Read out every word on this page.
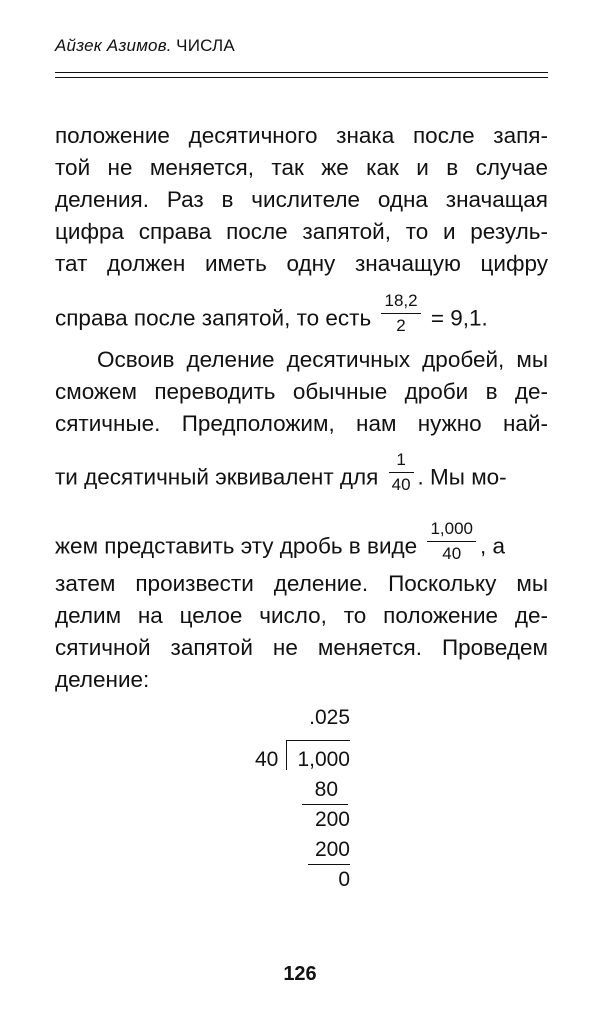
Айзек Азимов. ЧИСЛА
положение десятичного знака после запя-
той не меняется, так же как и в случае
деления. Раз в числителе одна значащая
цифра справа после запятой, то и резуль-
тат должен иметь одну значащую цифру
справа после запятой, то есть $\frac{18,2}{2} = 9,1$.
Освоив деление десятичных дробей, мы
сможем переводить обычные дроби в де-
сятичные. Предположим, нам нужно най-
ти десятичный эквивалент для $\frac{1}{40}$ . Мы мо-
жем представить эту дробь в виде $\frac{1,000}{40}$ , а
затем произвести деление. Поскольку мы
делим на целое число, то положение де-
сятичной запятой не меняется. Проведем
деление:
.025
40 1,000
80
200
200
0
126
